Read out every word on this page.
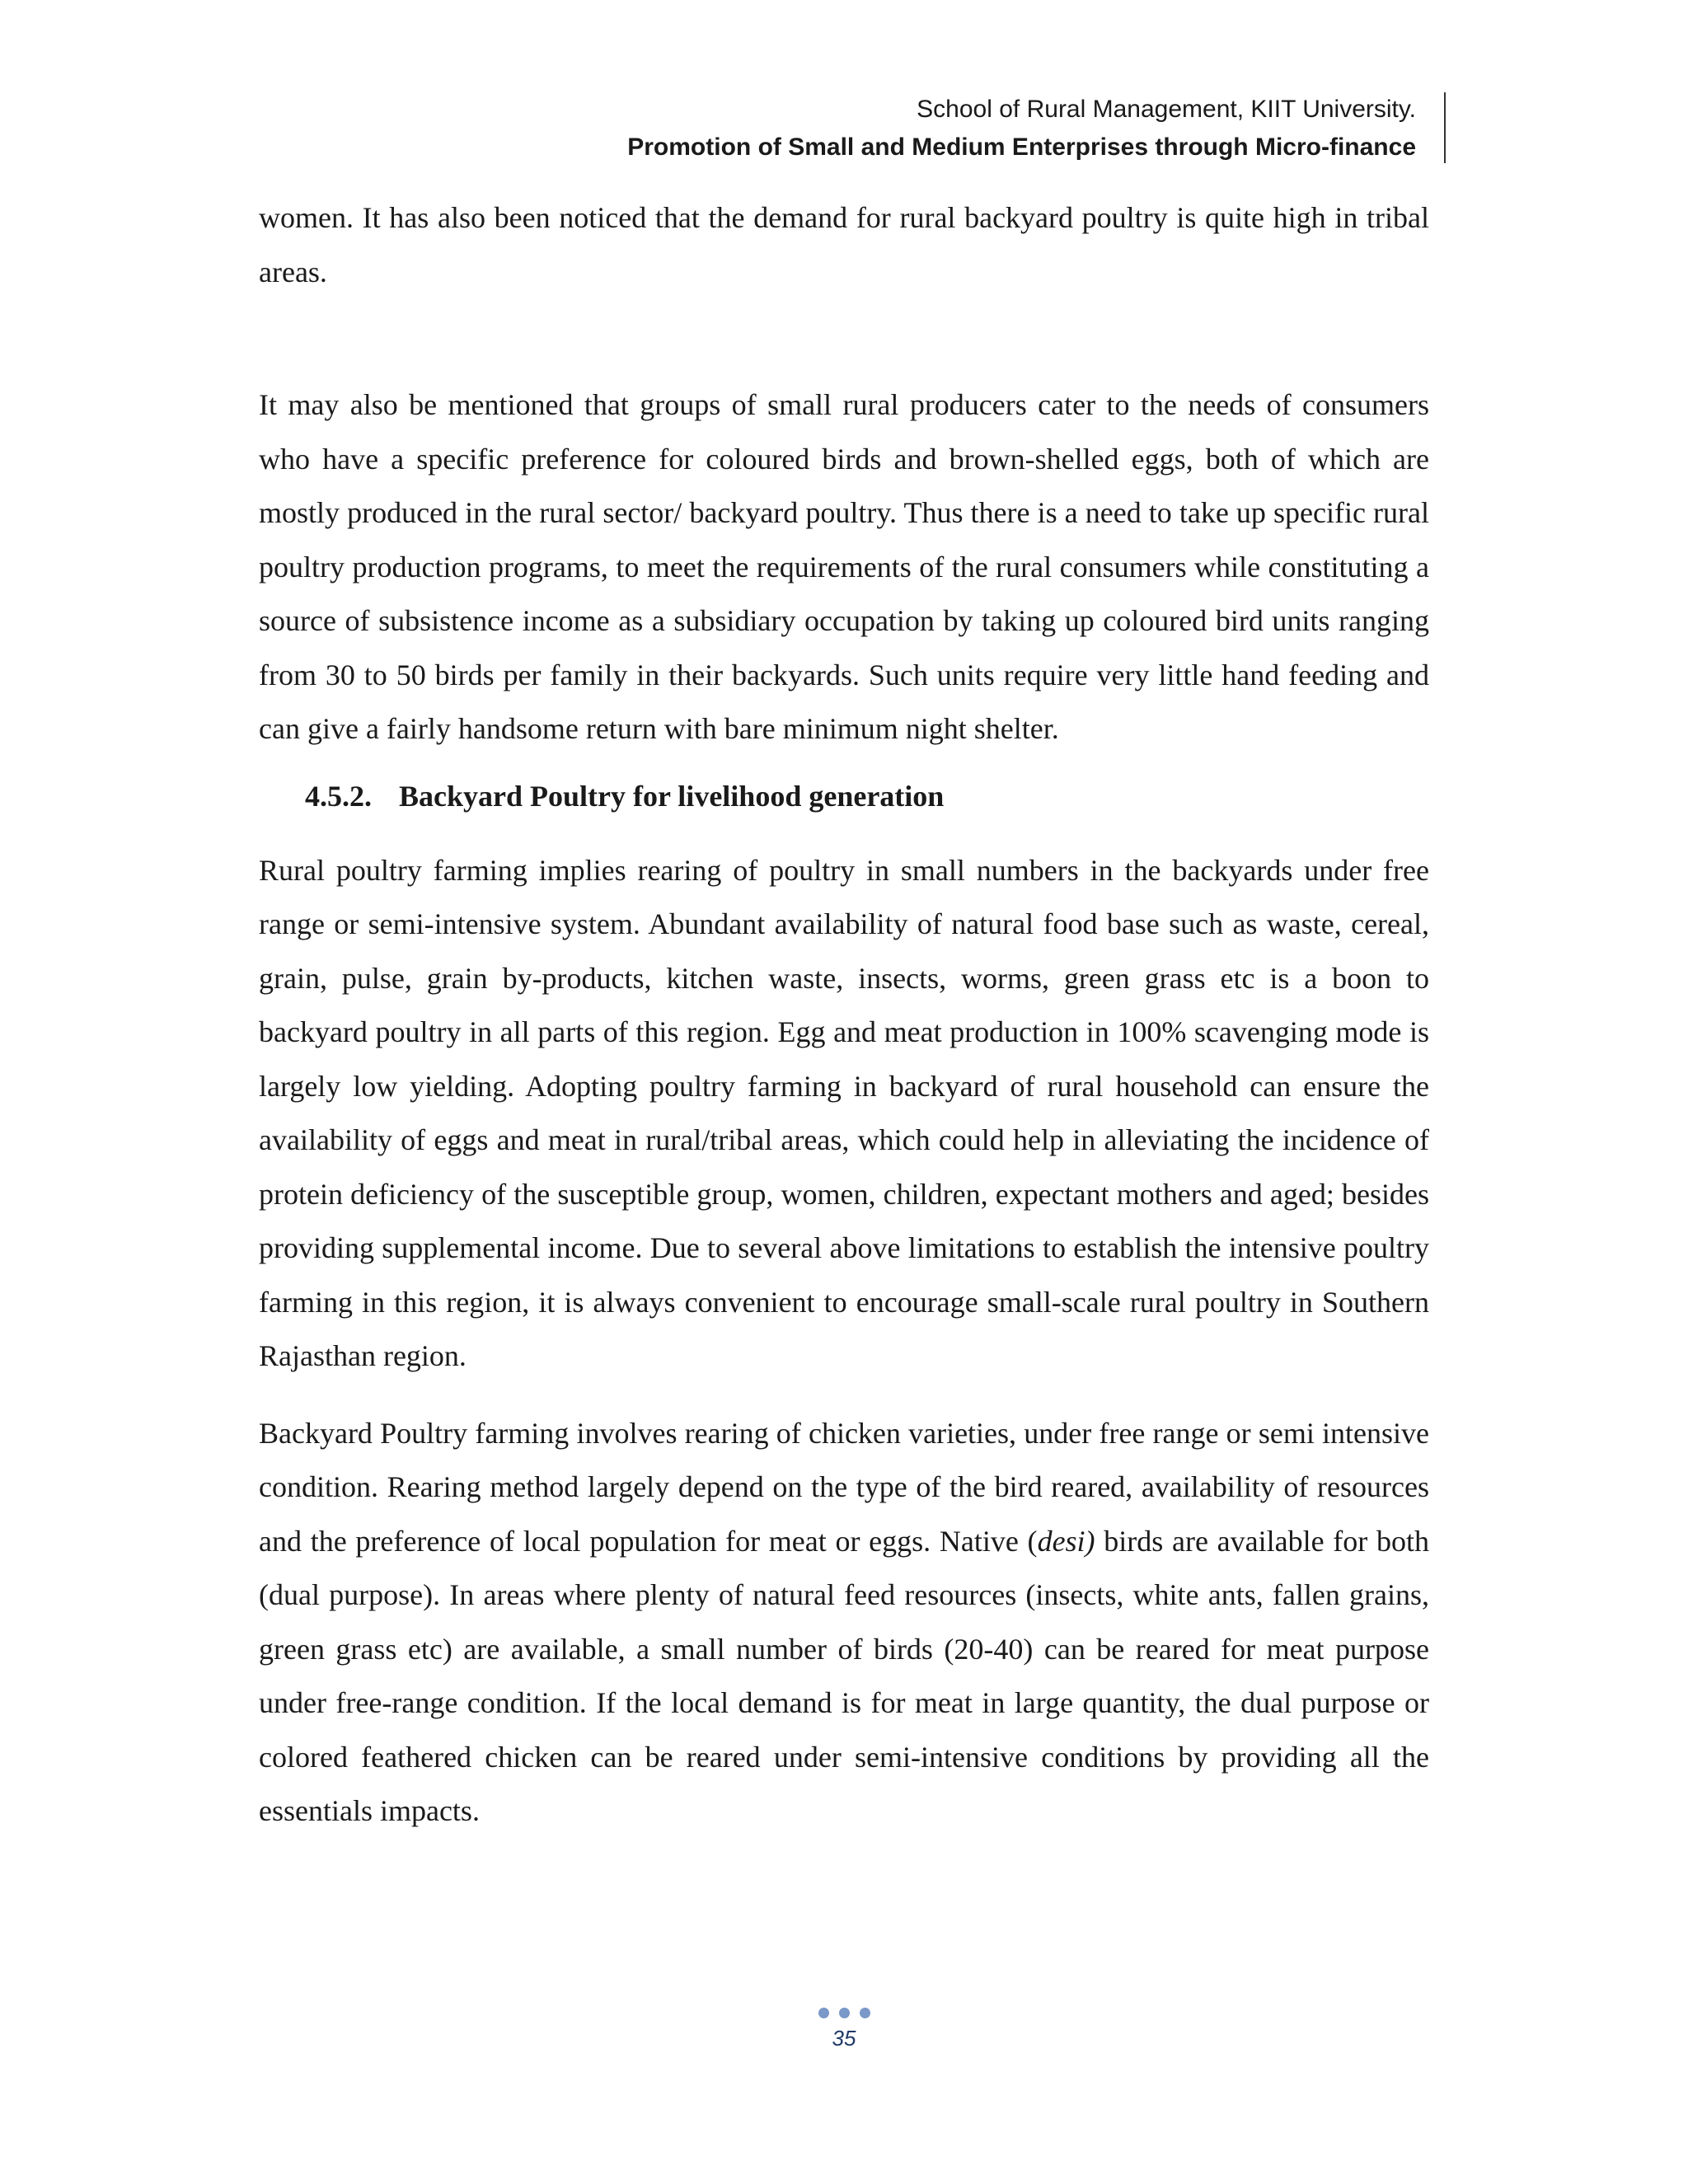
School of Rural Management, KIIT University.
Promotion of Small and Medium Enterprises through Micro-finance

women. It has also been noticed that the demand for rural backyard poultry is quite high in tribal areas.

It may also be mentioned that groups of small rural producers cater to the needs of consumers who have a specific preference for coloured birds and brown-shelled eggs, both of which are mostly produced in the rural sector/ backyard poultry. Thus there is a need to take up specific rural poultry production programs, to meet the requirements of the rural consumers while constituting a source of subsistence income as a subsidiary occupation by taking up coloured bird units ranging from 30 to 50 birds per family in their backyards. Such units require very little hand feeding and can give a fairly handsome return with bare minimum night shelter.

4.5.2. Backyard Poultry for livelihood generation

Rural poultry farming implies rearing of poultry in small numbers in the backyards under free range or semi-intensive system. Abundant availability of natural food base such as waste, cereal, grain, pulse, grain by-products, kitchen waste, insects, worms, green grass etc is a boon to backyard poultry in all parts of this region. Egg and meat production in 100% scavenging mode is largely low yielding. Adopting poultry farming in backyard of rural household can ensure the availability of eggs and meat in rural/tribal areas, which could help in alleviating the incidence of protein deficiency of the susceptible group, women, children, expectant mothers and aged; besides providing supplemental income. Due to several above limitations to establish the intensive poultry farming in this region, it is always convenient to encourage small-scale rural poultry in Southern Rajasthan region.

Backyard Poultry farming involves rearing of chicken varieties, under free range or semi intensive condition. Rearing method largely depend on the type of the bird reared, availability of resources and the preference of local population for meat or eggs. Native (desi) birds are available for both (dual purpose). In areas where plenty of natural feed resources (insects, white ants, fallen grains, green grass etc) are available, a small number of birds (20-40) can be reared for meat purpose under free-range condition. If the local demand is for meat in large quantity, the dual purpose or colored feathered chicken can be reared under semi-intensive conditions by providing all the essentials impacts.

35
